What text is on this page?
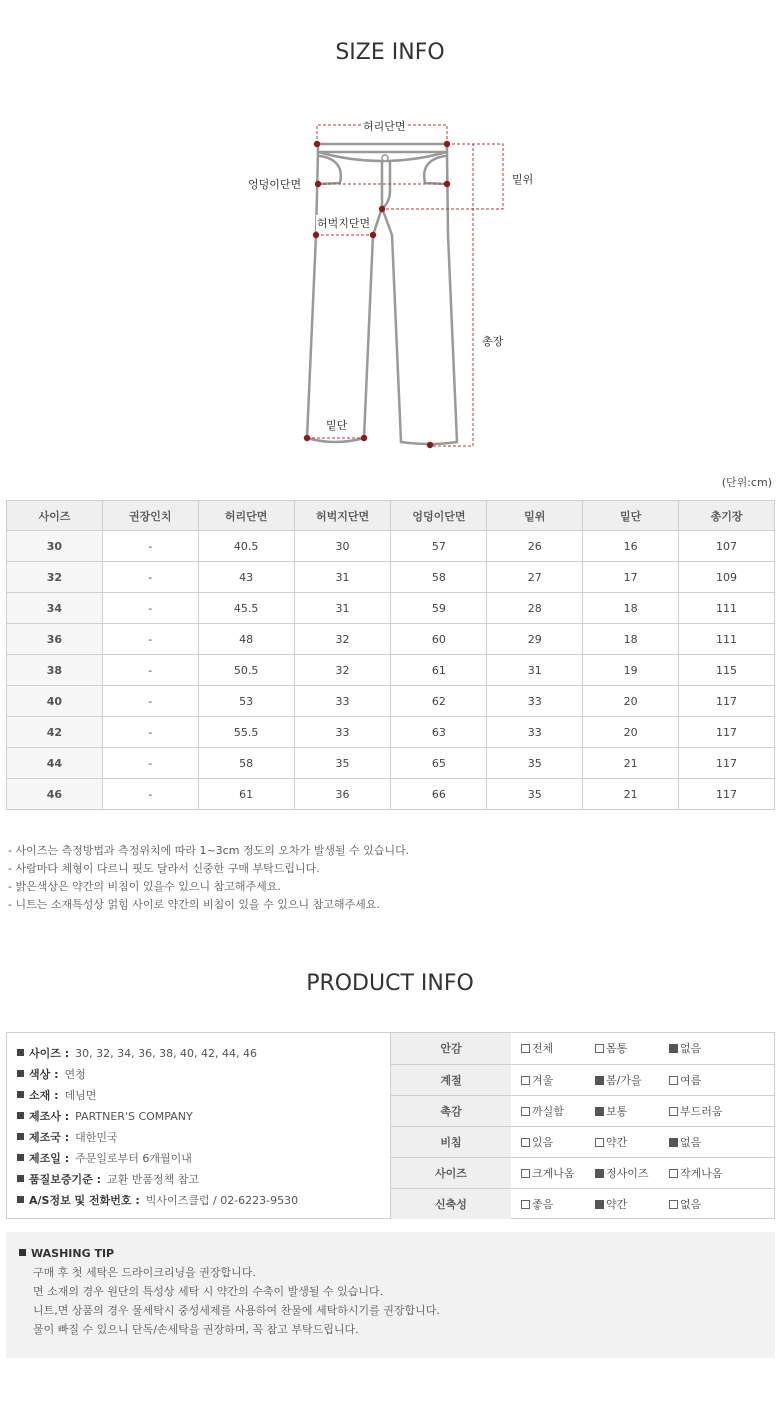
SIZE INFO
허리단면
엉덩이단면
허벅지단면
밑위
총장
밑단
(단위:cm)
사이즈	권장인치	허리단면	허벅지단면	엉덩이단면	밑위	밑단	총기장
30	-	40.5	30	57	26	16	107
32	-	43	31	58	27	17	109
34	-	45.5	31	59	28	18	111
36	-	48	32	60	29	18	111
38	-	50.5	32	61	31	19	115
40	-	53	33	62	33	20	117
42	-	55.5	33	63	33	20	117
44	-	58	35	65	35	21	117
46	-	61	36	66	35	21	117
- 사이즈는 측정방법과 측정위치에 따라 1~3cm 정도의 오차가 발생될 수 있습니다.
- 사람마다 체형이 다르니 핏도 달라서 신중한 구매 부탁드립니다.
- 밝은색상은 약간의 비침이 있을수 있으니 참고해주세요.
- 니트는 소재특성상 얽힘 사이로 약간의 비침이 있을 수 있으니 참고해주세요.
PRODUCT INFO
사이즈 : 30, 32, 34, 36, 38, 40, 42, 44, 46
색상 : 연청
소재 : 데님면
제조사 : PARTNER'S COMPANY
제조국 : 대한민국
제조일 : 주문일로부터 6개월이내
품질보증기준 : 교환 반품정책 참고
A/S정보 및 전화번호 : 빅사이즈클럽 / 02-6223-9530
안감	전체 몸통 없음

계절	겨울 봄/가을 여름

촉감	까실함 보통 부드러움

비침	있음 약간 없음

사이즈	크게나옴 정사이즈 작게나옴

신축성	좋음 약간 없음
WASHING TIP
구매 후 첫 세탁은 드라이크리닝을 권장합니다.
면 소재의 경우 원단의 특성상 세탁 시 약간의 수축이 발생될 수 있습니다.
니트,면 상품의 경우 물세탁시 중성세제를 사용하여 찬물에 세탁하시기를 권장합니다.
물이 빠질 수 있으니 단독/손세탁을 권장하며, 꼭 참고 부탁드립니다.
